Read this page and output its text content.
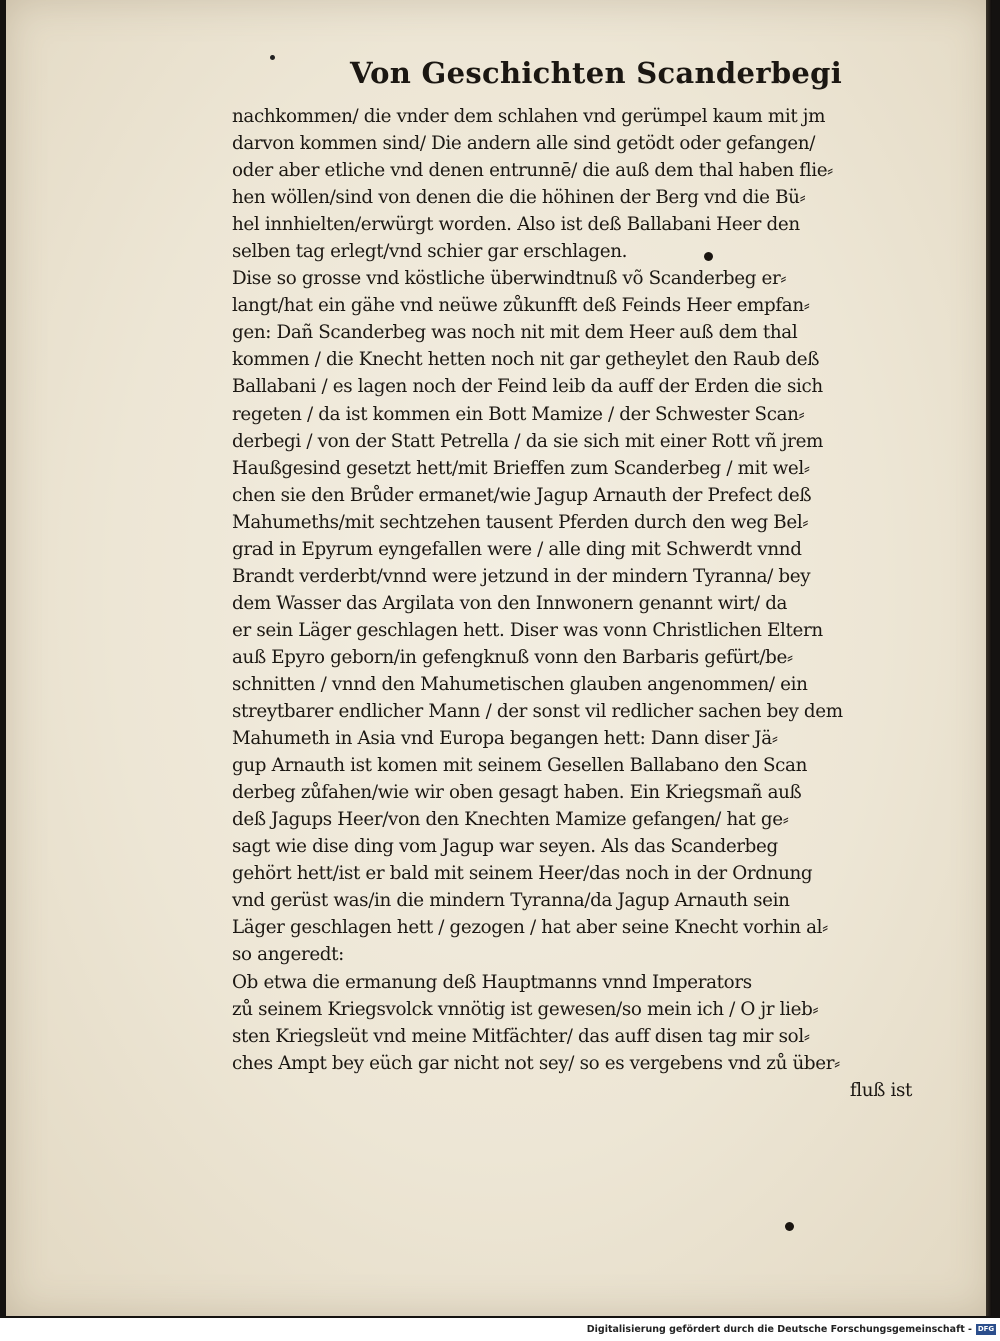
Von Geschichten Scanderbegi
nachkommen/ die vnder dem schlahen vnd gerümpel kaum mit jm
darvon kommen sind/ Die andern alle sind getödt oder gefangen/
oder aber etliche vnd denen entrunnē/ die auß dem thal haben flie⸗
hen wöllen/sind von denen die die höhinen der Berg vnd die Bü⸗
hel innhielten/erwürgt worden. Also ist deß Ballabani Heer den
selben tag erlegt/vnd schier gar erschlagen.
Dise so grosse vnd köstliche überwindtnuß võ Scanderbeg er⸗
langt/hat ein gähe vnd neüwe zůkunfft deß Feinds Heer empfan⸗
gen: Dañ Scanderbeg was noch nit mit dem Heer auß dem thal
kommen / die Knecht hetten noch nit gar getheylet den Raub deß
Ballabani / es lagen noch der Feind leib da auff der Erden die sich
regeten / da ist kommen ein Bott Mamize / der Schwester Scan⸗
derbegi / von der Statt Petrella / da sie sich mit einer Rott vñ jrem
Haußgesind gesetzt hett/mit Brieffen zum Scanderbeg / mit wel⸗
chen sie den Brůder ermanet/wie Jagup Arnauth der Prefect deß
Mahumeths/mit sechtzehen tausent Pferden durch den weg Bel⸗
grad in Epyrum eyngefallen were / alle ding mit Schwerdt vnnd
Brandt verderbt/vnnd were jetzund in der mindern Tyranna/ bey
dem Wasser das Argilata von den Innwonern genannt wirt/ da
er sein Läger geschlagen hett. Diser was vonn Christlichen Eltern
auß Epyro geborn/in gefengknuß vonn den Barbaris gefürt/be⸗
schnitten / vnnd den Mahumetischen glauben angenommen/ ein
streytbarer endlicher Mann / der sonst vil redlicher sachen bey dem
Mahumeth in Asia vnd Europa begangen hett: Dann diser Jä⸗
gup Arnauth ist komen mit seinem Gesellen Ballabano den Scan
derbeg zůfahen/wie wir oben gesagt haben. Ein Kriegsmañ auß
deß Jagups Heer/von den Knechten Mamize gefangen/ hat ge⸗
sagt wie dise ding vom Jagup war seyen. Als das Scanderbeg
gehört hett/ist er bald mit seinem Heer/das noch in der Ordnung
vnd gerüst was/in die mindern Tyranna/da Jagup Arnauth sein
Läger geschlagen hett / gezogen / hat aber seine Knecht vorhin al⸗
so angeredt:
Ob etwa die ermanung deß Hauptmanns vnnd Imperators
zů seinem Kriegsvolck vnnötig ist gewesen/so mein ich / O jr lieb⸗
sten Kriegsleüt vnd meine Mitfächter/ das auff disen tag mir sol⸗
ches Ampt bey eüch gar nicht not sey/ so es vergebens vnd zů über⸗
fluß ist
Digitalisierung gefördert durch die Deutsche Forschungsgemeinschaft - DFG
